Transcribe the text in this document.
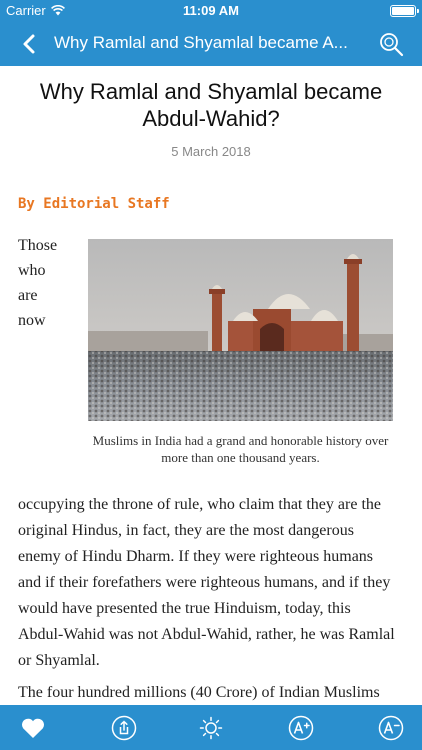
Carrier	11:09 AM
Why Ramlal and Shyamlal became A...
Why Ramlal and Shyamlal became Abdul-Wahid?
5 March 2018
By Editorial Staff
Those
who
are
now
Muslims in India had a grand and honorable history over more than one thousand years.
occupying the throne of rule, who claim that they are the
original Hindus, in fact, they are the most dangerous
enemy of Hindu Dharm. If they were righteous humans
and if their forefathers were righteous humans, and if they
would have presented the true Hinduism, today, this
Abdul-Wahid was not Abdul-Wahid, rather, he was Ramlal
or Shyamlal.
The four hundred millions (40 Crore) of Indian Muslims
